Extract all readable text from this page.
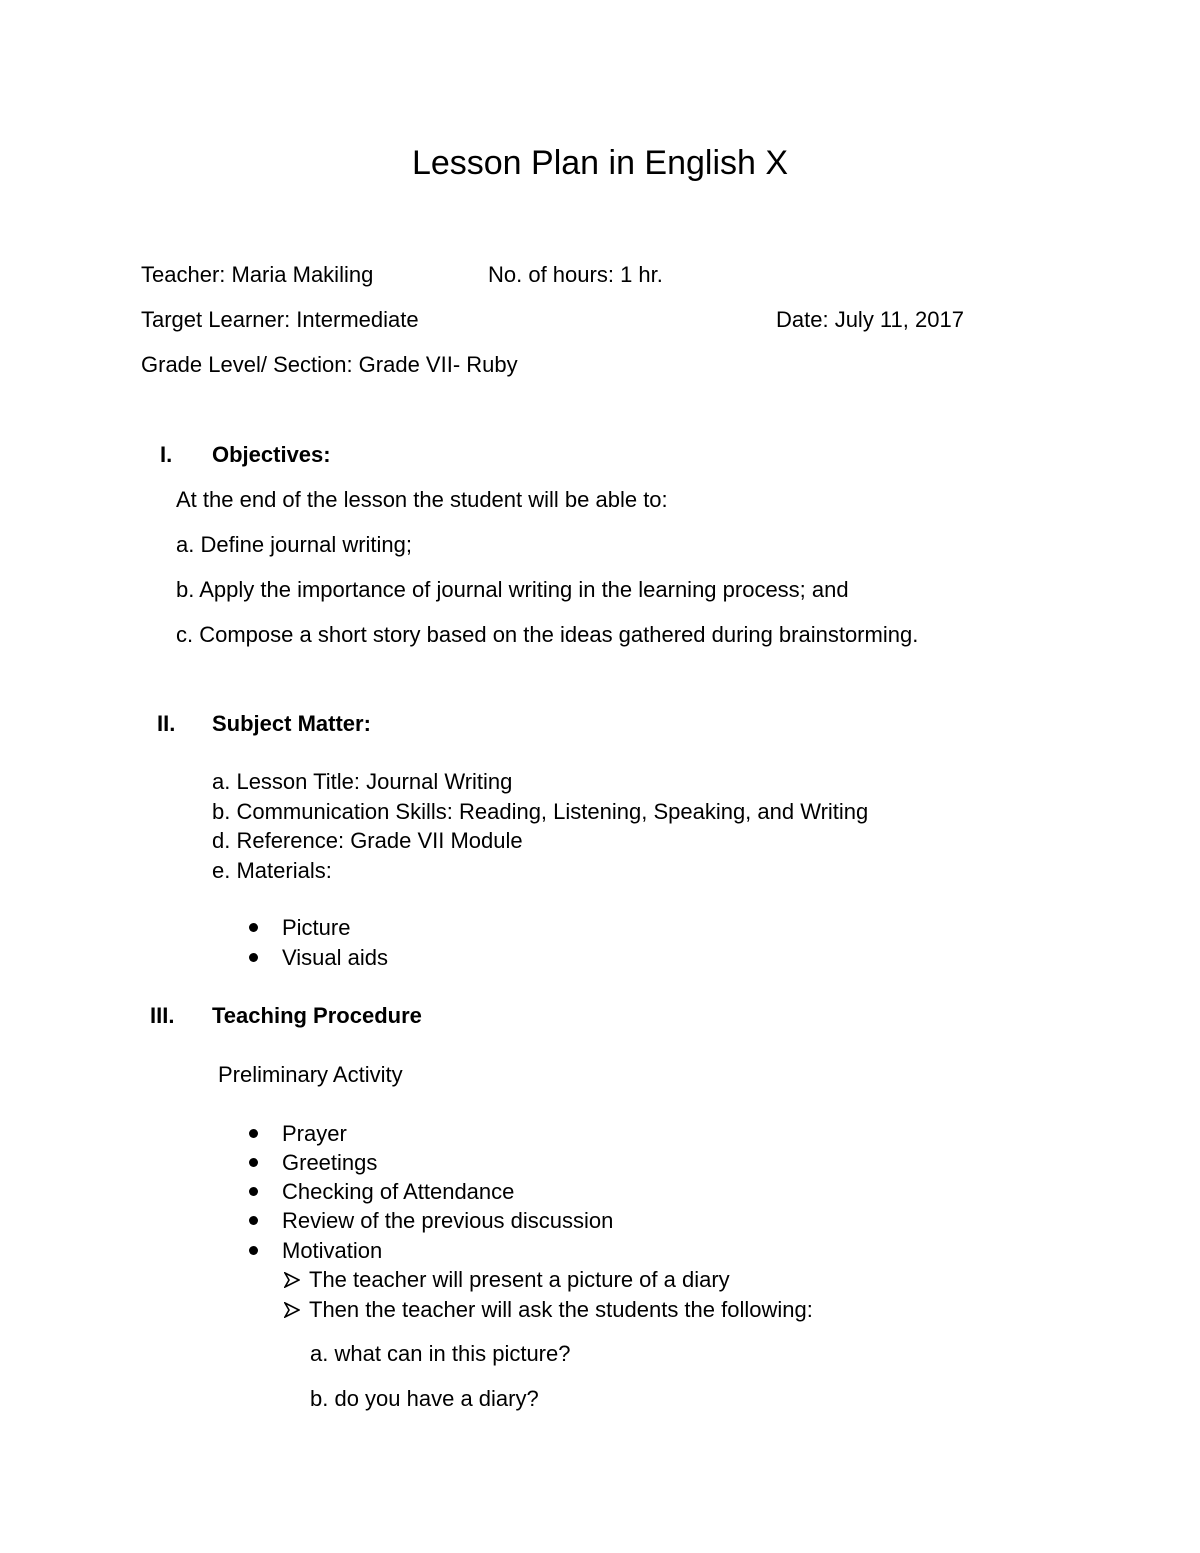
Lesson Plan in English X
Teacher: Maria Makiling	No. of hours: 1 hr.
Target Learner: Intermediate	Date: July 11, 2017
Grade Level/ Section: Grade VII- Ruby
I. Objectives:
At the end of the lesson the student will be able to:
a. Define journal writing;
b. Apply the importance of journal writing in the learning process; and
c. Compose a short story based on the ideas gathered during brainstorming.
II. Subject Matter:
a. Lesson Title: Journal Writing
b. Communication Skills: Reading, Listening, Speaking, and Writing
d. Reference: Grade VII Module
e. Materials:
Picture
Visual aids
III. Teaching Procedure
Preliminary Activity
Prayer
Greetings
Checking of Attendance
Review of the previous discussion
Motivation
The teacher will present a picture of a diary
Then the teacher will ask the students the following:
a. what can in this picture?
b. do you have a diary?
